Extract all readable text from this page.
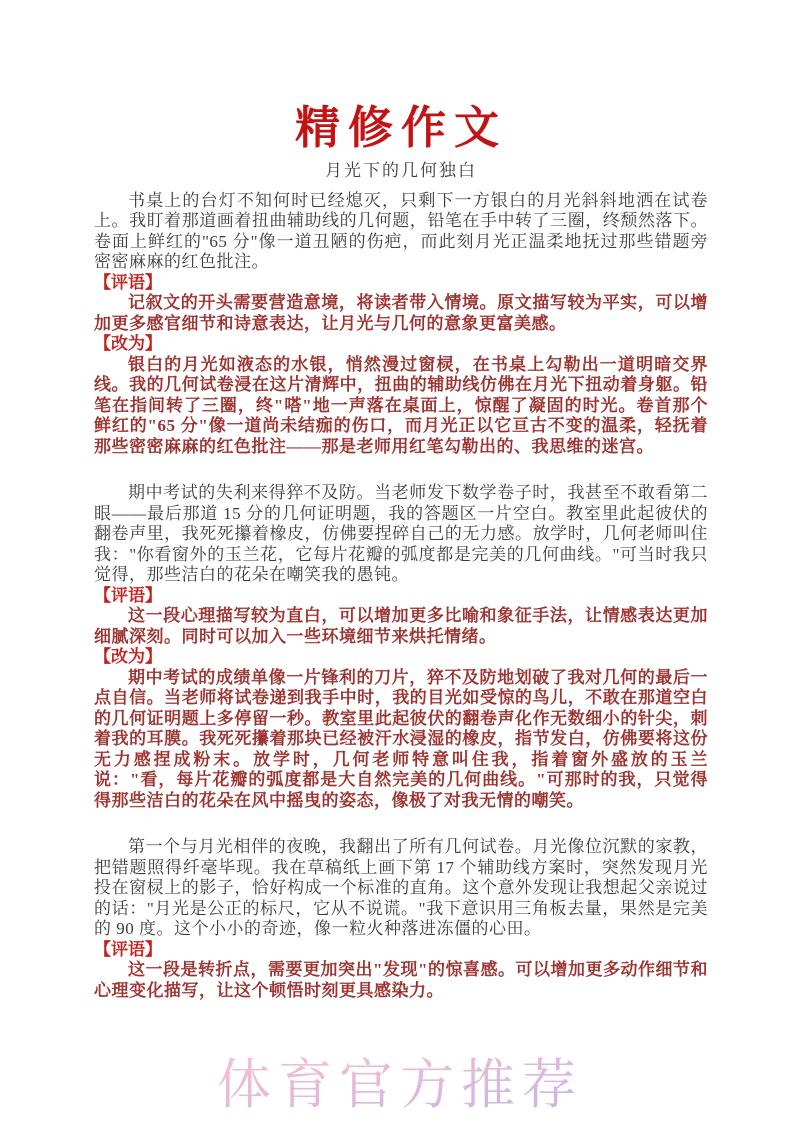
精修作文
月光下的几何独白

书桌上的台灯不知何时已经熄灭，只剩下一方银白的月光斜斜地洒在试卷上。我盯着那道画着扭曲辅助线的几何题，铅笔在手中转了三圈，终颓然落下。卷面上鲜红的"65 分"像一道丑陋的伤疤，而此刻月光正温柔地抚过那些错题旁密密麻麻的红色批注。

【评语】

记叙文的开头需要营造意境，将读者带入情境。原文描写较为平实，可以增加更多感官细节和诗意表达，让月光与几何的意象更富美感。

【改为】

银白的月光如液态的水银，悄然漫过窗棂，在书桌上勾勒出一道明暗交界线。我的几何试卷浸在这片清辉中，扭曲的辅助线仿佛在月光下扭动着身躯。铅笔在指间转了三圈，终"嗒"地一声落在桌面上，惊醒了凝固的时光。卷首那个鲜红的"65 分"像一道尚未结痂的伤口，而月光正以它亘古不变的温柔，轻抚着那些密密麻麻的红色批注——那是老师用红笔勾勒出的、我思维的迷宫。

期中考试的失利来得猝不及防。当老师发下数学卷子时，我甚至不敢看第二眼——最后那道 15 分的几何证明题，我的答题区一片空白。教室里此起彼伏的翻卷声里，我死死攥着橡皮，仿佛要捏碎自己的无力感。放学时，几何老师叫住我："你看窗外的玉兰花，它每片花瓣的弧度都是完美的几何曲线。"可当时我只觉得，那些洁白的花朵在嘲笑我的愚钝。

【评语】

这一段心理描写较为直白，可以增加更多比喻和象征手法，让情感表达更加细腻深刻。同时可以加入一些环境细节来烘托情绪。

【改为】

期中考试的成绩单像一片锋利的刀片，猝不及防地划破了我对几何的最后一点自信。当老师将试卷递到我手中时，我的目光如受惊的鸟儿，不敢在那道空白的几何证明题上多停留一秒。教室里此起彼伏的翻卷声化作无数细小的针尖，刺着我的耳膜。我死死攥着那块已经被汗水浸湿的橡皮，指节发白，仿佛要将这份无力感捏成粉末。放学时，几何老师特意叫住我，指着窗外盛放的玉兰说："看，每片花瓣的弧度都是大自然完美的几何曲线。"可那时的我，只觉得得那些洁白的花朵在风中摇曳的姿态，像极了对我无情的嘲笑。

第一个与月光相伴的夜晚，我翻出了所有几何试卷。月光像位沉默的家教，把错题照得纤毫毕现。我在草稿纸上画下第 17 个辅助线方案时，突然发现月光投在窗棂上的影子，恰好构成一个标准的直角。这个意外发现让我想起父亲说过的话："月光是公正的标尺，它从不说谎。"我下意识用三角板去量，果然是完美的 90 度。这个小小的奇迹，像一粒火种落进冻僵的心田。

【评语】

这一段是转折点，需要更加突出"发现"的惊喜感。可以增加更多动作细节和心理变化描写，让这个顿悟时刻更具感染力。

体育官方推荐
